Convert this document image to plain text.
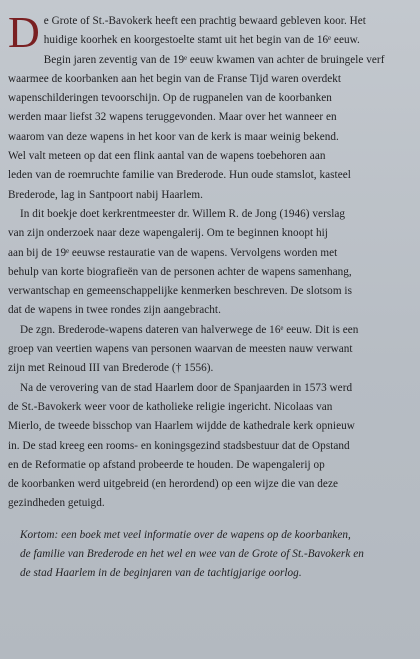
D e Grote of St.-Bavokerk heeft een prachtig bewaard gebleven koor. Het
huidige koorhek en koorgestoelte stamt uit het begin van de 16ᵉ eeuw.
Begin jaren zeventig van de 19ᵉ eeuw kwamen van achter de bruingele verf
waarmee de koorbanken aan het begin van de Franse Tijd waren overdekt
wapenschilderingen tevoorschijn. Op de rugpanelen van de koorbanken
werden maar liefst 32 wapens teruggevonden. Maar over het wanneer en
waarom van deze wapens in het koor van de kerk is maar weinig bekend.
Wel valt meteen op dat een flink aantal van de wapens toebehoren aan
leden van de roemruchte familie van Brederode. Hun oude stamslot, kasteel
Brederode, lag in Santpoort nabij Haarlem.
In dit boekje doet kerkrentmeester dr. Willem R. de Jong (1946) verslag
van zijn onderzoek naar deze wapengalerij. Om te beginnen knoopt hij
aan bij de 19ᵉ eeuwse restauratie van de wapens. Vervolgens worden met
behulp van korte biografieën van de personen achter de wapens samenhang,
verwantschap en gemeenschappelijke kenmerken beschreven. De slotsom is
dat de wapens in twee rondes zijn aangebracht.
De zgn. Brederode-wapens dateren van halverwege de 16ᵉ eeuw. Dit is een
groep van veertien wapens van personen waarvan de meesten nauw verwant
zijn met Reinoud III van Brederode († 1556).
Na de verovering van de stad Haarlem door de Spanjaarden in 1573 werd
de St.-Bavokerk weer voor de katholieke religie ingericht. Nicolaas van
Mierlo, de tweede bisschop van Haarlem wijdde de kathedrale kerk opnieuw
in. De stad kreeg een rooms- en koningsgezind stadsbestuur dat de Opstand
en de Reformatie op afstand probeerde te houden. De wapengalerij op
de koorbanken werd uitgebreid (en herordend) op een wijze die van deze
gezindheden getuigd.
Kortom: een boek met veel informatie over de wapens op de koorbanken,
de familie van Brederode en het wel en wee van de Grote of St.-Bavokerk en
de stad Haarlem in de beginjaren van de tachtigjarige oorlog.
